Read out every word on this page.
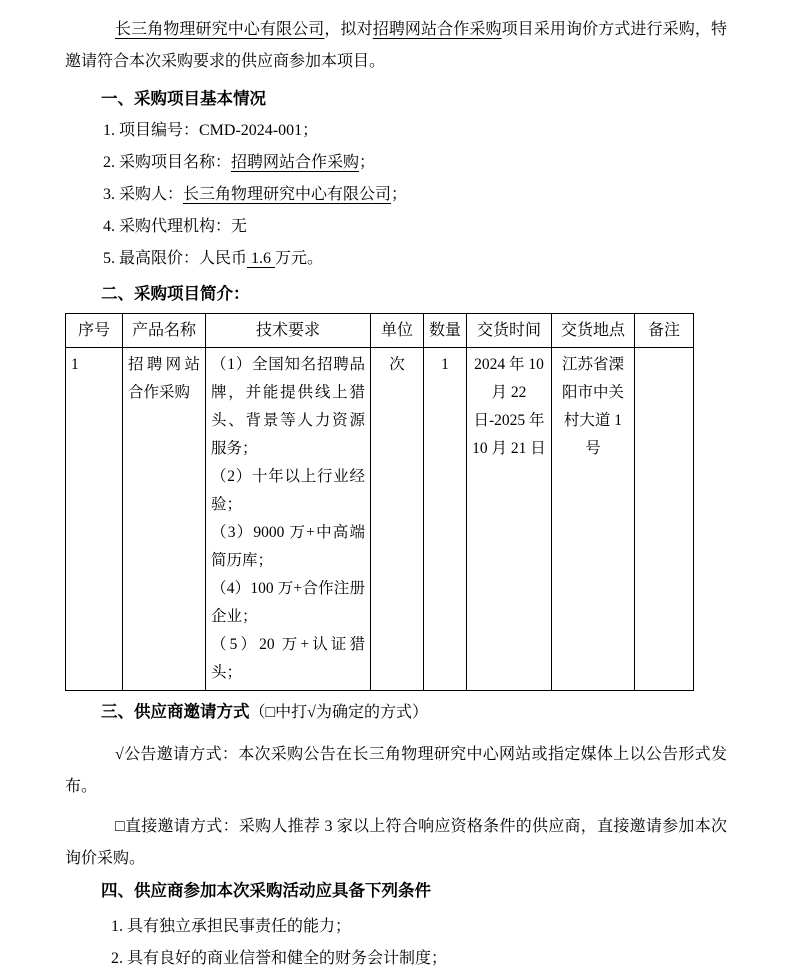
长三角物理研究中心有限公司，拟对招聘网站合作采购项目采用询价方式进行采购，特邀请符合本次采购要求的供应商参加本项目。

一、采购项目基本情况

1. 项目编号：CMD-2024-001；

2. 采购项目名称：招聘网站合作采购；

3. 采购人：长三角物理研究中心有限公司；

4. 采购代理机构：无

5. 最高限价：人民币 1.6 万元。

二、采购项目简介：
序号	产品名称	技术要求	单位	数量	交货时间	交货地点	备注
1	招聘网站合作采购	（1）全国知名招聘品牌，并能提供线上猎头、背景等人力资源服务；
（2）十年以上行业经验；
（3）9000 万+中高端简历库；
（4）100 万+合作注册企业；
（5）20 万+认证猎头；	次	1	2024 年 10 月 22 日-2025 年 10 月 21 日	江苏省溧阳市中关村大道 1 号	
三、供应商邀请方式（□中打√为确定的方式）

√公告邀请方式：本次采购公告在长三角物理研究中心网站或指定媒体上以公告形式发布。

□直接邀请方式：采购人推荐 3 家以上符合响应资格条件的供应商，直接邀请参加本次询价采购。

四、供应商参加本次采购活动应具备下列条件

1. 具有独立承担民事责任的能力；

2. 具有良好的商业信誉和健全的财务会计制度；
